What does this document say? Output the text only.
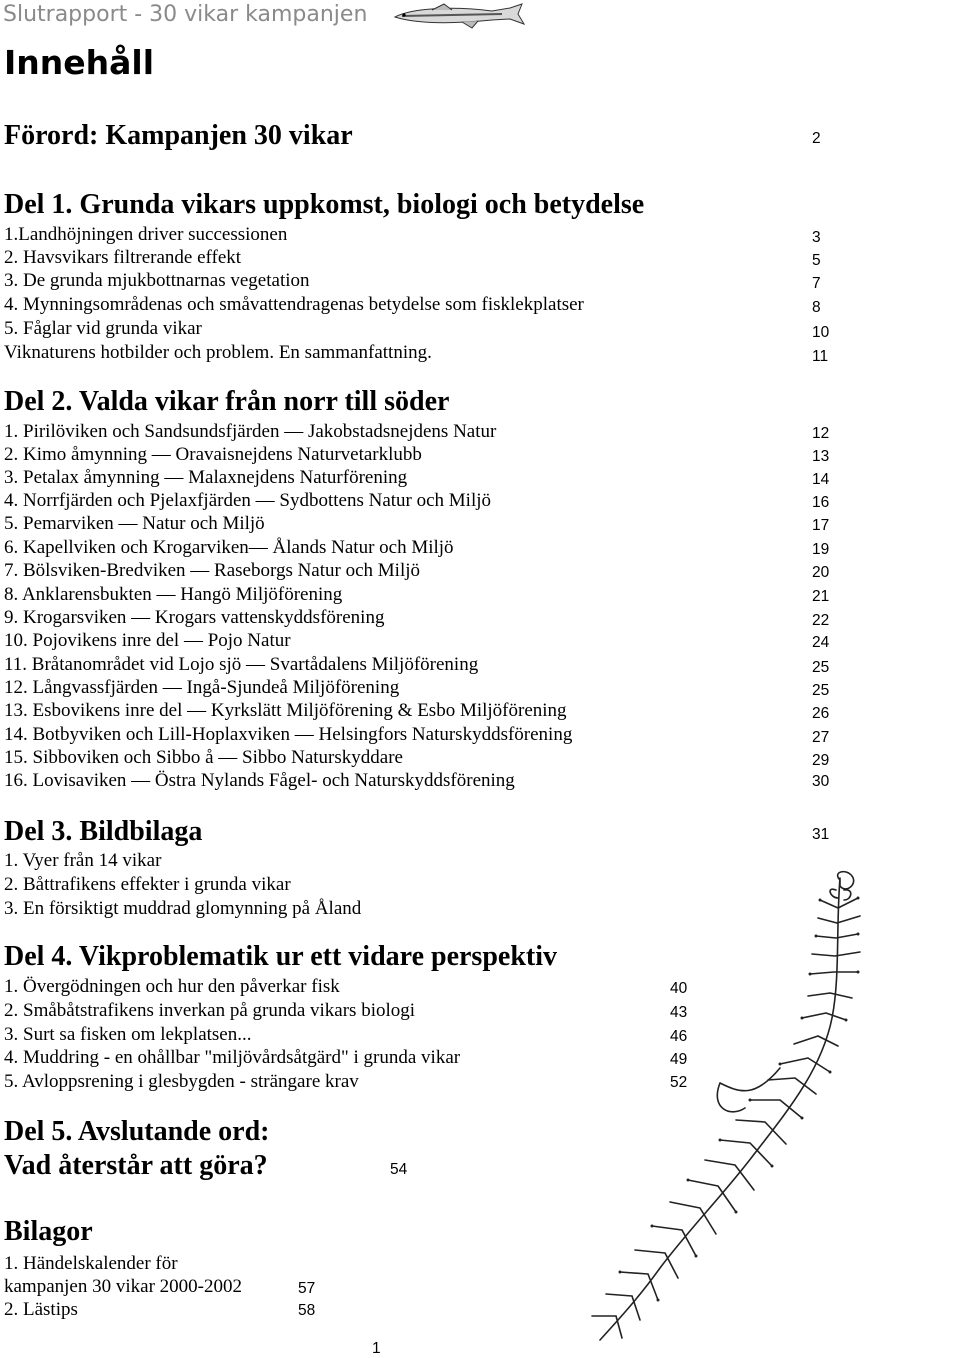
Slutrapport - 30 vikar kampanjen
Innehåll
Förord: Kampanjen 30 vikar	2
Del 1. Grunda vikars uppkomst, biologi och betydelse
1.Landhöjningen driver successionen	3
2. Havsvikars filtrerande effekt	5
3. De grunda mjukbottnarnas vegetation	7
4. Mynningsområdenas och småvattendragenas betydelse som fisklekplatser	8
5. Fåglar vid grunda vikar	10
Viknaturens hotbilder och problem. En sammanfattning.	11
Del 2. Valda vikar från norr till söder
1. Pirilöviken och Sandsundsfjärden — Jakobstadsnejdens Natur	12
2. Kimo åmynning — Oravaisnejdens Naturvetarklubb	13
3. Petalax åmynning — Malaxnejdens Naturförening	14
4. Norrfjärden och Pjelaxfjärden — Sydbottens Natur och Miljö	16
5. Pemarviken — Natur och Miljö	17
6. Kapellviken och Krogarviken— Ålands Natur och Miljö	19
7. Bölsviken-Bredviken — Raseborgs Natur och Miljö	20
8. Anklarensbukten — Hangö Miljöförening	21
9. Krogarsviken — Krogars vattenskyddsförening	22
10. Pojovikens inre del — Pojo Natur	24
11. Bråtanområdet vid Lojo sjö — Svartådalens Miljöförening	25
12. Långvassfjärden — Ingå-Sjundeå Miljöförening	25
13. Esbovikens inre del — Kyrkslätt Miljöförening & Esbo Miljöförening	26
14. Botbyviken och Lill-Hoplaxviken — Helsingfors Naturskyddsförening	27
15. Sibboviken och Sibbo å — Sibbo Naturskyddare	29
16. Lovisaviken — Östra Nylands Fågel- och Naturskyddsförening	30
Del 3. Bildbilaga	31
1. Vyer från 14 vikar
2. Båttrafikens effekter i grunda vikar
3. En försiktigt muddrad glomynning på Åland
Del 4. Vikproblematik ur ett vidare perspektiv
1. Övergödningen och hur den påverkar fisk	40
2. Småbåtstrafikens inverkan på grunda vikars biologi	43
3. Surt sa fisken om lekplatsen...	46
4. Muddring - en ohållbar "miljövårdsåtgärd" i grunda vikar	49
5. Avloppsrening i glesbygden - strängare krav	52
Del 5. Avslutande ord:
Vad återstår att göra?	54
Bilagor
1. Händelskalender för
kampanjen 30 vikar 2000-2002	57
2. Lästips	58
1
